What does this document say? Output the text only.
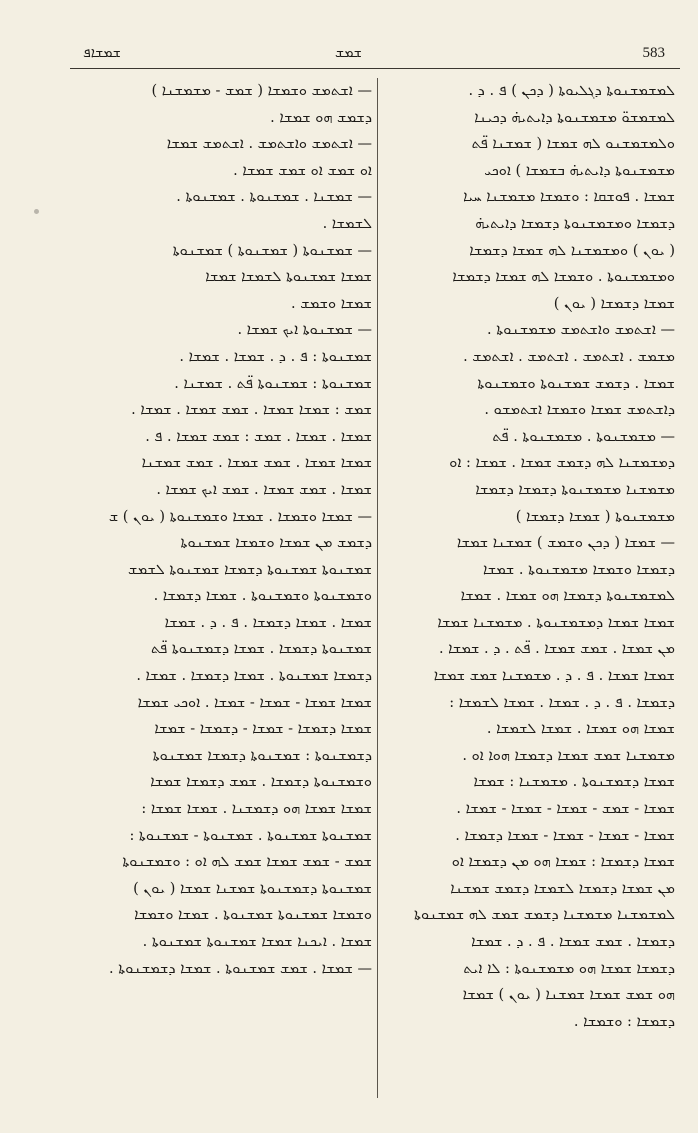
ܫܡܫܐܦ	ܫܡܫ	583
— ܐܫܬܡܫ ܘܫܡܫܐ ( ܫܡܫ - ܡܫܡܫܢܐ )
ܕܫܡܫ ܗܘ ܫܡܫܐ .
— ܐܫܬܡܫ ܘܐܫܬܡܫ . ܐܫܬܡܫ ܫܡܫܐ
ܐܘ ܫܡܫ ܐܘ ܫܡܫ ܫܡܫܐ .
— ܫܡܫܢܐ . ܫܡܫܢܘܬܐ . ܫܡܫܢܘܬܐ .
ܠܫܡܫܐ .
— ܫܡܫܢܘܬܐ ( ܫܡܫܢܘܬܐ ) ܫܡܫܢܘܬܐ
ܫܡܫܐ ܫܡܫܢܘܬܐ ܠܫܡܫܐ ܫܡܫܐ
ܫܡܫܐ ܘܫܡܫ .
— ܫܡܫܢܘܬܐ ܐܝܟ ܫܡܫܐ .
ܫܡܫܢܘܬܐ : ܦ . ܕ . ܫܡܫܐ . ܫܡܫܐ .
ܫܡܫܢܘܬܐ : ܫܡܫܢܘܬܐ ܦ̈ܬ . ܫܡܫܢܐ .
ܫܡܫ : ܫܡܫܐ ܫܡܫܐ . ܫܡܫ ܫܡܫܐ . ܫܡܫܐ .
ܫܡܫܐ . ܫܡܫܐ . ܫܡܫ : ܫܡܫ ܫܡܫܐ . ܦ .
ܫܡܫܐ ܫܡܫܐ . ܫܡܫ ܫܡܫܐ . ܫܡܫ ܫܡܫܢܐ
ܫܡܫܐ . ܫܡܫ ܫܡܫܐ . ܫܡܫ ܐܝܟ ܫܡܫܐ .
— ܫܡܫܐ ܘܫܡܫܐ . ܫܡܫܐ ܘܫܡܫܢܘܬܐ ( ܝܘܢ ) ܫ
ܕܫܡܫ ܡܢ ܫܡܫܐ ܘܫܡܫܐ ܫܡܫܢܘܬܐ
ܫܡܫܢܘܬܐ ܫܡܫܢܘܬܐ ܕܫܡܫܐ ܫܡܫܢܘܬܐ ܠܫܡܫ
ܘܫܡܫܢܘܬܐ ܘܫܡܫܢܘܬܐ . ܫܡܫܐ ܕܫܡܫܐ .
ܫܡܫܐ . ܫܡܫܐ ܕܫܡܫܐ . ܦ . ܕ . ܫܡܫܐ
ܫܡܫܢܘܬܐ ܕܫܡܫܐ . ܫܡܫܐ ܕܫܡܫܢܘܬܐ ܦ̈ܬ
ܕܫܡܫܐ ܫܡܫܢܘܬܐ . ܫܡܫܐ ܕܫܡܫܐ . ܫܡܫܐ .
ܫܡܫܐ ܫܡܫܐ - ܫܡܫܐ - ܫܡܫܐ . ܐܘܟܝ ܫܡܫܐ
ܫܡܫܐ ܕܫܡܫܐ - ܫܡܫܐ - ܕܫܡܫܐ - ܫܡܫܐ
ܕܫܡܫܢܘܬܐ : ܫܡܫܢܘܬܐ ܕܫܡܫܐ ܫܡܫܢܘܬܐ
ܘܫܡܫܢܘܬܐ ܕܫܡܫܐ . ܫܡܫ ܕܫܡܫܐ ܫܡܫܐ
ܫܡܫܐ ܫܡܫܐ ܗܘ ܕܫܡܫܢܐ . ܫܡܫܐ ܫܡܫܐ :
ܫܡܫܢܘܬܐ ܫܡܫܢܘܬܐ . ܫܡܫܢܘܬܐ - ܫܡܫܢܘܬܐ :
ܫܡܫ - ܫܡܫ ܫܡܫܐ ܫܡܫ ܠܗ ܐܘ : ܘܫܡܫܢܘܬܐ
ܫܡܫܢܘܬܐ ܕܫܡܫܢܘܬܐ ܫܡܫܢܐ ܫܡܫܐ ( ܝܘܢ )
ܘܫܡܫܐ ܫܡܫܢܘܬܐ ܫܡܫܢܘܬܐ . ܫܡܫܐ ܘܫܡܫܐ
ܫܡܫܐ . ܐܝܟܢܐ ܫܡܫܐ ܫܡܫܢܘܬܐ ܫܡܫܢܘܬܐ .
— ܫܡܫܐ . ܫܡܫ ܫܡܫܢܘܬܐ . ܫܡܫܐ ܕܫܡܫܢܘܬܐ .
ܠܡܫܡܫܢܘܬܐ ܕܓܠܝܘܬܐ ( ܕܟܢ ) ܦ . ܕ .
ܠܡܫܡܫܘ̈ ܡܫܡܫܢܘܬܐ ܕܐܝܬܝܗ̇ ܕܟܝܢܐ
ܘܠܡܫܡܫܢܘ ܠܗ ܫܡܫܐ ( ܫܡܫܢܐ ܦ̈ܬ
ܡܫܡܫܢܘܬܐ ܕܐܝܬܝܗ̇ ܒܫܡܫܐ ) ܐܘܟܝ
ܫܡܫܐ . ܦܘܫܩܐ : ܘܫܡܫܐ ܡܫܡܫܢܐ ܚܝܐ
ܕܫܡܫܐ ܘܡܫܡܫܢܘܬܐ ܕܫܡܫܐ ܕܐܝܬܝܗ̇
( ܝܘܢ ) ܘܡܫܡܫܢܐ ܠܗ ܫܡܫܐ ܕܫܡܫܐ
ܘܡܫܡܫܢܘܬܐ . ܘܫܡܫܐ ܠܗ ܫܡܫܐ ܕܫܡܫܐ
ܫܡܫܐ ܕܫܡܫܐ ( ܝܘܢ )
— ܐܫܬܡܫ ܘܐܫܬܡܫ ܡܫܡܫܢܘܬܐ .
ܡܫܡܫ . ܐܫܬܡܫ . ܐܫܬܡܫ . ܐܫܬܡܫ .
ܫܡܫܐ . ܕܫܡܫ ܫܡܫܢܘܬܐ ܘܫܡܫܢܘܬܐ
ܕܐܫܬܡܫ ܫܡܫܐ ܘܫܡܫܐ ܐܫܬܡܫܘ .
— ܡܫܡܫܢܘܬܐ . ܡܫܡܫܢܘܬܐ . ܦ̈ܬ
ܕܡܫܡܫܢܐ ܠܗ ܕܫܡܫ ܫܡܫܐ . ܫܡܫܐ : ܐܘ
ܡܫܡܫܢܐ ܡܫܡܫܢܘܬܐ ܕܫܡܫܐ ܕܫܡܫܐ
ܡܫܡܫܢܘܬܐ ( ܫܡܫܐ ܕܫܡܫܐ )
— ܫܡܫܐ ( ܕܟܢ ܘܫܡܫ ) ܫܡܫܢܐ ܫܡܫܐ
ܕܫܡܫܐ ܘܫܡܫܐ ܡܫܡܫܢܘܬܐ . ܫܡܫܐ
ܠܡܫܡܫܢܘܬܐ ܕܫܡܫܐ ܗܘ ܫܡܫܐ . ܫܡܫܐ
ܫܡܫܐ ܫܡܫܐ ܕܡܫܡܫܢܘܬܐ . ܡܫܡܫܢܐ ܫܡܫܐ
ܡܢ ܫܡܫܐ . ܫܡܫ ܫܡܫܐ . ܦ̈ܬ . ܕ . ܫܡܫܐ .
ܫܡܫܐ ܫܡܫܐ . ܦ . ܕ . ܡܫܡܫܢܐ ܫܡܫ ܫܡܫܐ
ܕܫܡܫܐ . ܦ . ܕ . ܫܡܫܐ . ܫܡܫܐ ܠܫܡܫܐ :
ܫܡܫܐ ܗܘ ܫܡܫܐ . ܫܡܫܐ ܠܫܡܫܐ .
ܡܫܡܫܢܐ ܫܡܫ ܫܡܫܐ ܕܫܡܫܐ ܗܘܐ ܐܘ .
ܫܡܫܐ ܕܫܡܫܢܘܬܐ . ܡܫܡܫܢܐ : ܫܡܫܐ
ܫܡܫܐ - ܫܡܫ - ܫܡܫܐ - ܫܡܫܐ - ܫܡܫܐ .
ܫܡܫܐ - ܫܡܫܐ - ܫܡܫܐ - ܫܡܫܐ ܕܫܡܫܐ .
ܫܡܫܐ ܕܫܡܫܐ : ܫܡܫܐ ܗܘ ܡܢ ܕܫܡܫܐ ܐܘ
ܡܢ ܫܡܫܐ ܕܫܡܫܐ ܠܫܡܫܐ ܕܫܡܫ ܫܡܫܢܐ
ܠܡܫܡܫܢܐ ܡܫܡܫܢܐ ܕܫܡܫ ܫܡܫ ܠܗ ܫܡܫܢܘܬܐ
ܕܫܡܫܐ . ܫܡܫ ܫܡܫܐ . ܦ . ܕ . ܫܡܫܐ
ܕܫܡܫܐ ܫܡܫܐ ܗܘ ܡܫܡܫܢܘܬܐ : ܠܐ ܐܝܬ
ܗܘ ܫܡܫ ܫܡܫܐ ܫܡܫܢܐ ( ܝܘܢ ) ܫܡܫܐ
ܕܫܡܫܐ : ܘܫܡܫܐ .
